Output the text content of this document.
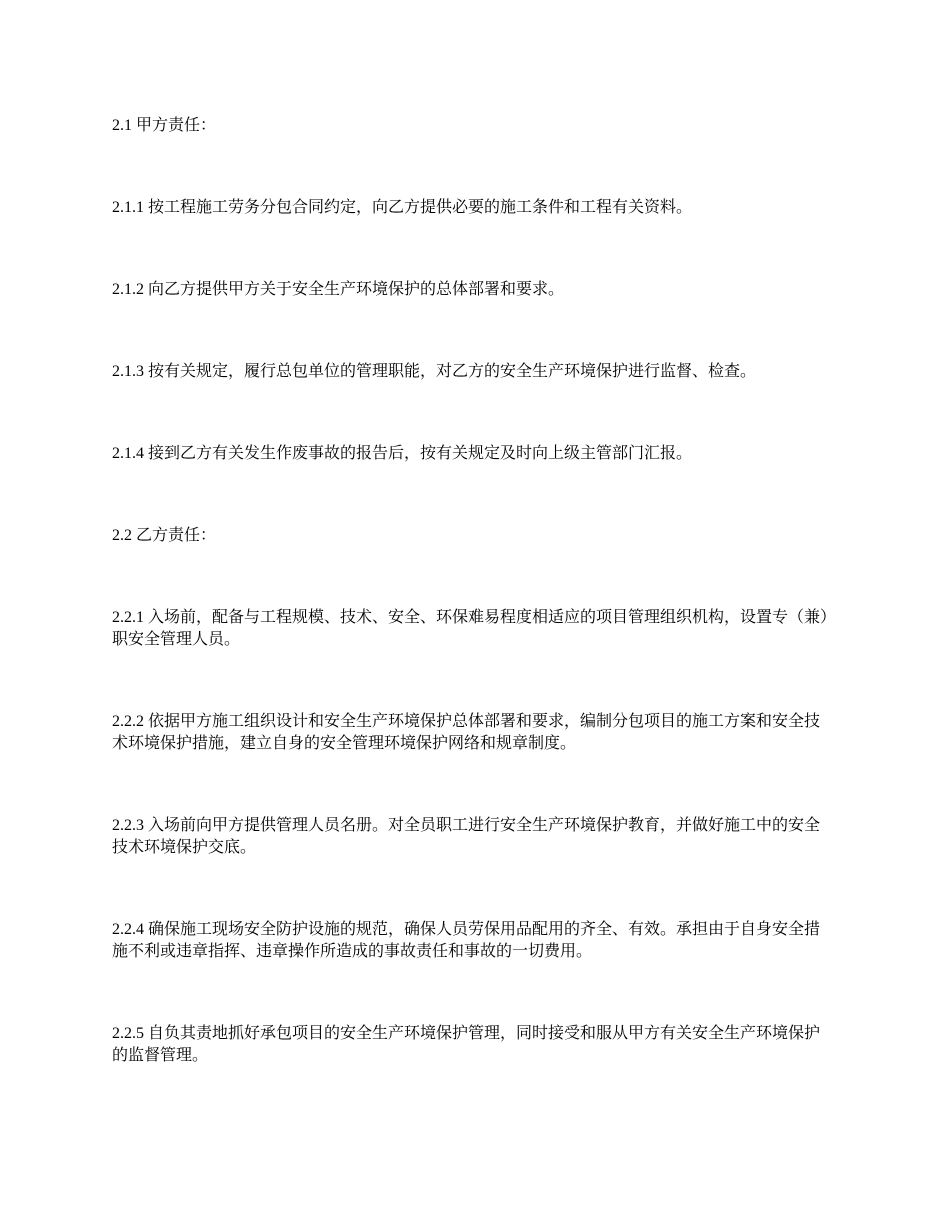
2.1 甲方责任：

2.1.1 按工程施工劳务分包合同约定，向乙方提供必要的施工条件和工程有关资料。

2.1.2 向乙方提供甲方关于安全生产环境保护的总体部署和要求。

2.1.3 按有关规定，履行总包单位的管理职能，对乙方的安全生产环境保护进行监督、检查。

2.1.4 接到乙方有关发生作废事故的报告后，按有关规定及时向上级主管部门汇报。

2.2 乙方责任：

2.2.1 入场前，配备与工程规模、技术、安全、环保难易程度相适应的项目管理组织机构，设置专（兼）职安全管理人员。

2.2.2 依据甲方施工组织设计和安全生产环境保护总体部署和要求，编制分包项目的施工方案和安全技术环境保护措施，建立自身的安全管理环境保护网络和规章制度。

2.2.3 入场前向甲方提供管理人员名册。对全员职工进行安全生产环境保护教育，并做好施工中的安全技术环境保护交底。

2.2.4 确保施工现场安全防护设施的规范，确保人员劳保用品配用的齐全、有效。承担由于自身安全措施不利或违章指挥、违章操作所造成的事故责任和事故的一切费用。

2.2.5 自负其责地抓好承包项目的安全生产环境保护管理，同时接受和服从甲方有关安全生产环境保护的监督管理。
